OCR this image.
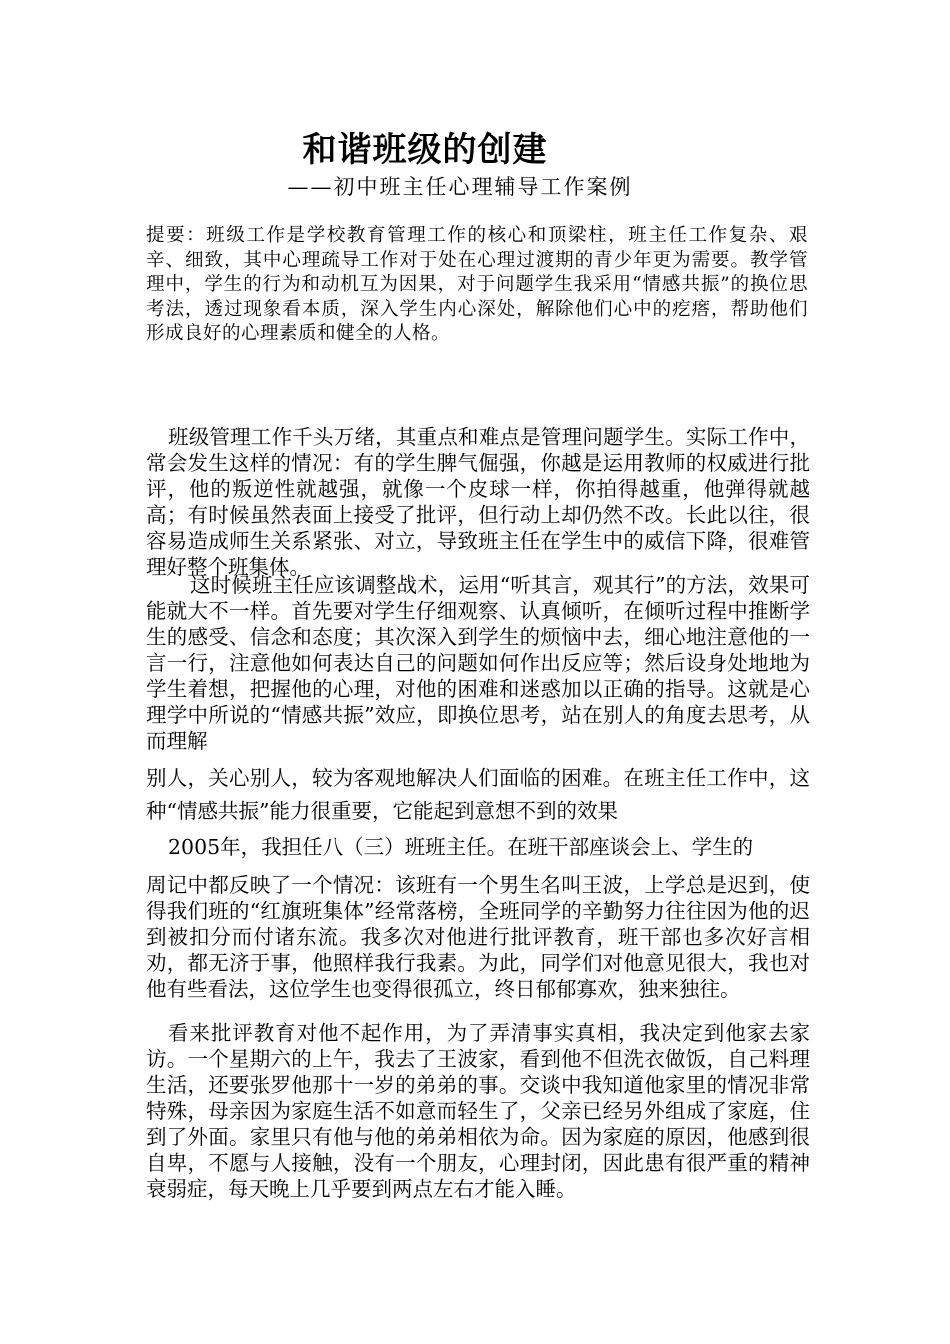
和谐班级的创建
——初中班主任心理辅导工作案例
提要：班级工作是学校教育管理工作的核心和顶梁柱，班主任工作复杂、艰辛、细致，其中心理疏导工作对于处在心理过渡期的青少年更为需要。教学管理中，学生的行为和动机互为因果，对于问题学生我采用“情感共振”的换位思考法，透过现象看本质，深入学生内心深处，解除他们心中的疙瘩，帮助他们形成良好的心理素质和健全的人格。

班级管理工作千头万绪，其重点和难点是管理问题学生。实际工作中，常会发生这样的情况：有的学生脾气倔强，你越是运用教师的权威进行批评，他的叛逆性就越强，就像一个皮球一样，你拍得越重，他弹得就越高；有时候虽然表面上接受了批评，但行动上却仍然不改。长此以往，很容易造成师生关系紧张、对立，导致班主任在学生中的威信下降，很难管理好整个班集体。

这时候班主任应该调整战术，运用“听其言，观其行”的方法，效果可能就大不一样。首先要对学生仔细观察、认真倾听，在倾听过程中推断学生的感受、信念和态度；其次深入到学生的烦恼中去，细心地注意他的一言一行，注意他如何表达自己的问题如何作出反应等；然后设身处地地为学生着想，把握他的心理，对他的困难和迷惑加以正确的指导。这就是心理学中所说的“情感共振”效应，即换位思考，站在别人的角度去思考，从而理解

别人，关心别人，较为客观地解决人们面临的困难。在班主任工作中，这种“情感共振”能力很重要，它能起到意想不到的效果

2005年，我担任八（三）班班主任。在班干部座谈会上、学生的

周记中都反映了一个情况：该班有一个男生名叫王波，上学总是迟到，使得我们班的“红旗班集体”经常落榜，全班同学的辛勤努力往往因为他的迟到被扣分而付诸东流。我多次对他进行批评教育，班干部也多次好言相劝，都无济于事，他照样我行我素。为此，同学们对他意见很大，我也对他有些看法，这位学生也变得很孤立，终日郁郁寡欢，独来独往。

看来批评教育对他不起作用，为了弄清事实真相，我决定到他家去家访。一个星期六的上午，我去了王波家，看到他不但洗衣做饭，自己料理生活，还要张罗他那十一岁的弟弟的事。交谈中我知道他家里的情况非常特殊，母亲因为家庭生活不如意而轻生了，父亲已经另外组成了家庭，住到了外面。家里只有他与他的弟弟相依为命。因为家庭的原因，他感到很自卑，不愿与人接触，没有一个朋友，心理封闭，因此患有很严重的精神衰弱症，每天晚上几乎要到两点左右才能入睡。
